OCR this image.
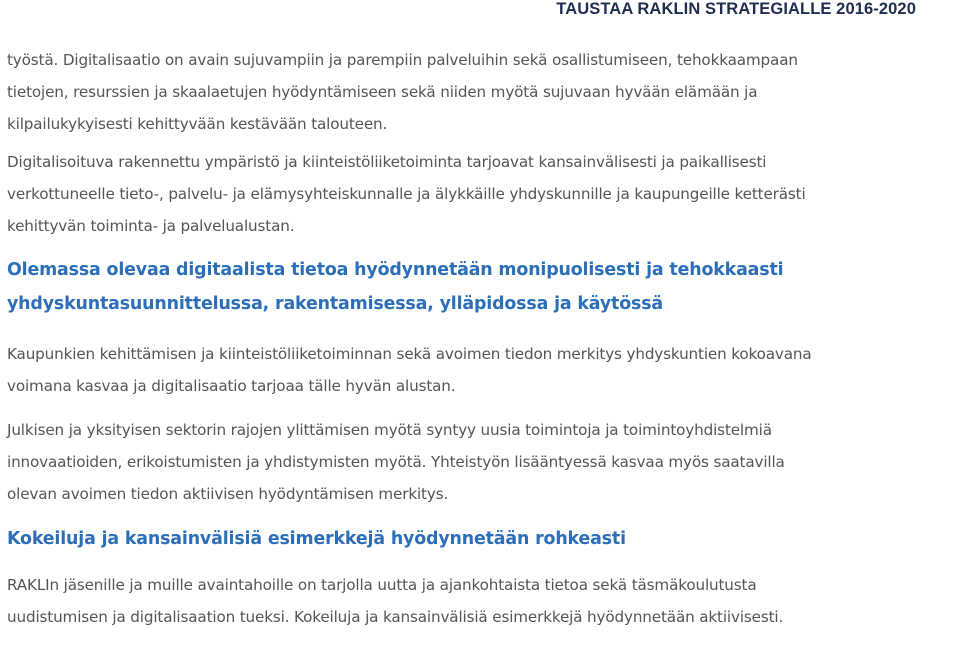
TAUSTAA RAKLIN STRATEGIALLE 2016-2020

työstä. Digitalisaatio on avain sujuvampiin ja parempiin palveluihin sekä osallistumiseen, tehokkaampaan
tietojen, resurssien ja skaalaetujen hyödyntämiseen sekä niiden myötä sujuvaan hyvään elämään ja
kilpailukykyisesti kehittyvään kestävään talouteen.

Digitalisoituva rakennettu ympäristö ja kiinteistöliiketoiminta tarjoavat kansainvälisesti ja paikallisesti
verkottuneelle tieto-, palvelu- ja elämysyhteiskunnalle ja älykkäille yhdyskunnille ja kaupungeille ketterästi
kehittyvän toiminta- ja palvelualustan.

Olemassa olevaa digitaalista tietoa hyödynnetään monipuolisesti ja tehokkaasti
yhdyskuntasuunnittelussa, rakentamisessa, ylläpidossa ja käytössä

Kaupunkien kehittämisen ja kiinteistöliiketoiminnan sekä avoimen tiedon merkitys yhdyskuntien kokoavana
voimana kasvaa ja digitalisaatio tarjoaa tälle hyvän alustan.

Julkisen ja yksityisen sektorin rajojen ylittämisen myötä syntyy uusia toimintoja ja toimintoyhdistelmiä
innovaatioiden, erikoistumisten ja yhdistymisten myötä. Yhteistyön lisääntyessä kasvaa myös saatavilla
olevan avoimen tiedon aktiivisen hyödyntämisen merkitys.

Kokeiluja ja kansainvälisiä esimerkkejä hyödynnetään rohkeasti

RAKLIn jäsenille ja muille avaintahoille on tarjolla uutta ja ajankohtaista tietoa sekä täsmäkoulutusta
uudistumisen ja digitalisaation tueksi. Kokeiluja ja kansainvälisiä esimerkkejä hyödynnetään aktiivisesti.
